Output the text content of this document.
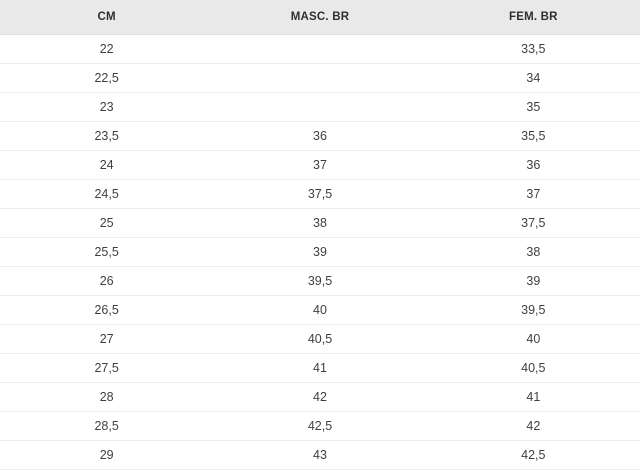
CM	MASC. BR	FEM. BR
22		33,5
22,5		34
23		35
23,5	36	35,5
24	37	36
24,5	37,5	37
25	38	37,5
25,5	39	38
26	39,5	39
26,5	40	39,5
27	40,5	40
27,5	41	40,5
28	42	41
28,5	42,5	42
29	43	42,5
